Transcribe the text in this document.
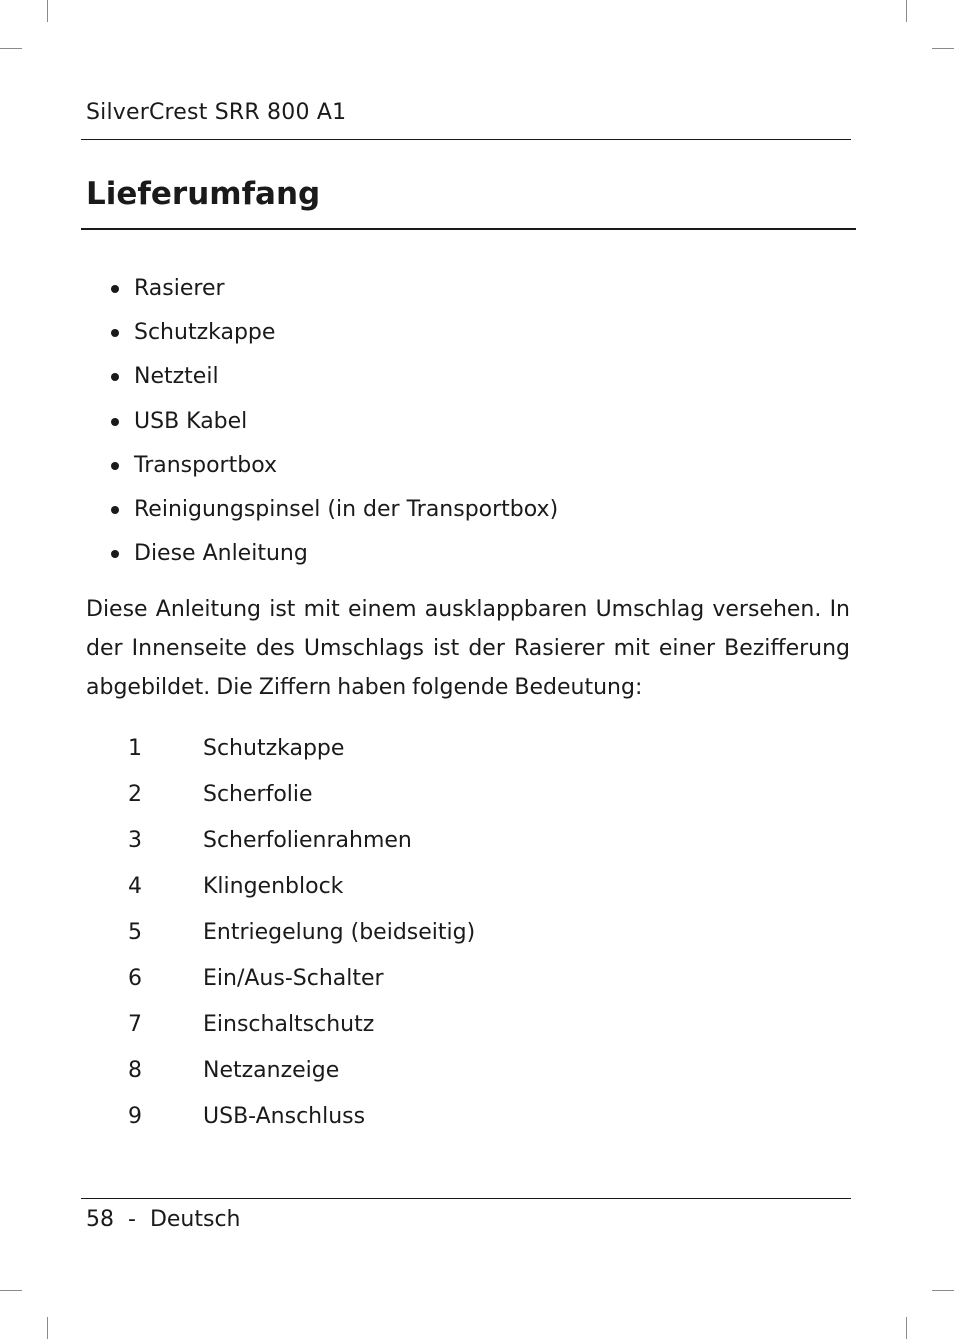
SilverCrest SRR 800 A1
Lieferumfang
Rasierer
Schutzkappe
Netzteil
USB Kabel
Transportbox
Reinigungspinsel (in der Transportbox)
Diese Anleitung

Diese Anleitung ist mit einem ausklappbaren Umschlag versehen. In der Innenseite des Umschlags ist der Rasierer mit einer Bezifferung abgebildet. Die Ziffern haben folgende Bedeutung:

1	Schutzkappe
2	Scherfolie
3	Scherfolienrahmen
4	Klingenblock
5	Entriegelung (beidseitig)
6	Ein/Aus-Schalter
7	Einschaltschutz
8	Netzanzeige
9	USB-Anschluss
58 - Deutsch
